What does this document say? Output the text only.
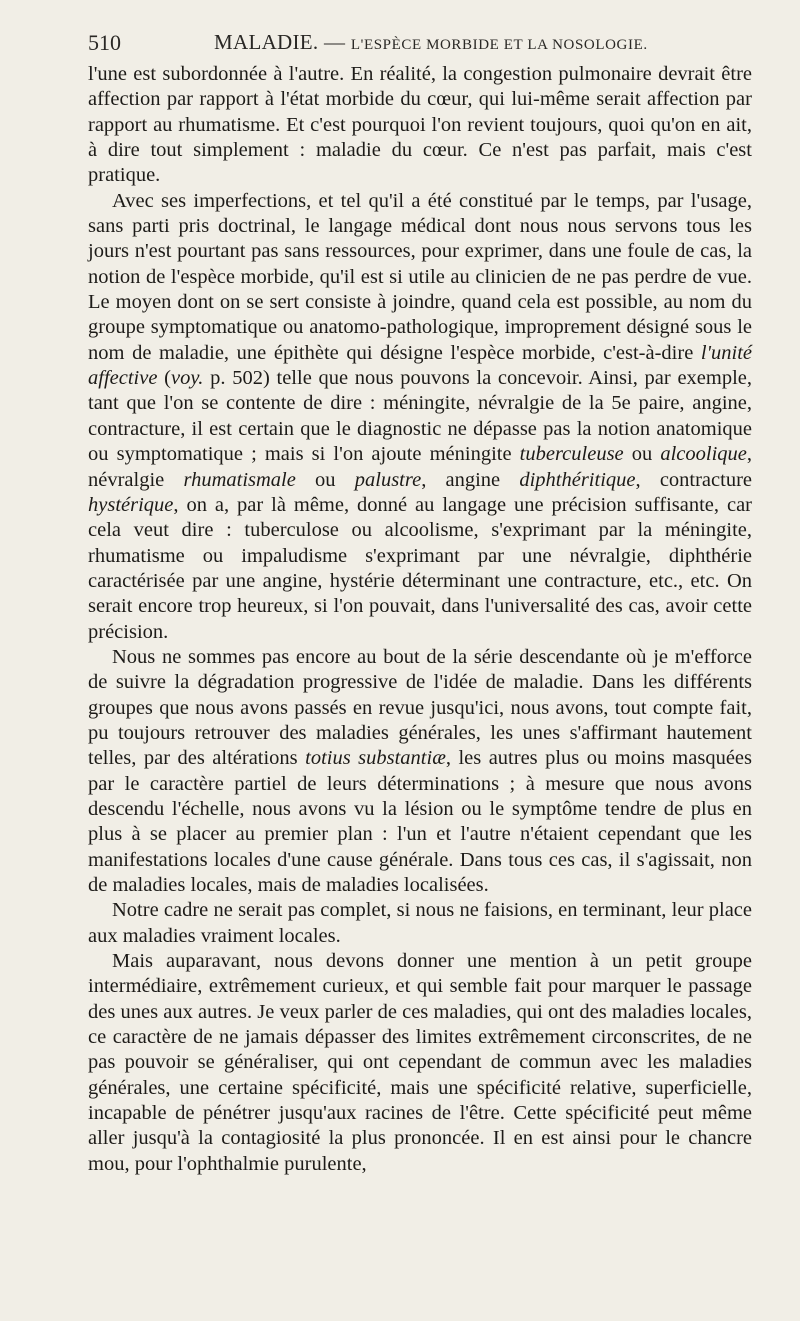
510	MALADIE. — L'ESPÈCE MORBIDE ET LA NOSOLOGIE.

l'une est subordonnée à l'autre. En réalité, la congestion pulmonaire devrait être affection par rapport à l'état morbide du cœur, qui lui-même serait affection par rapport au rhumatisme. Et c'est pourquoi l'on revient toujours, quoi qu'on en ait, à dire tout simplement : maladie du cœur. Ce n'est pas parfait, mais c'est pratique.

Avec ses imperfections, et tel qu'il a été constitué par le temps, par l'usage, sans parti pris doctrinal, le langage médical dont nous nous servons tous les jours n'est pourtant pas sans ressources, pour exprimer, dans une foule de cas, la notion de l'espèce morbide, qu'il est si utile au clinicien de ne pas perdre de vue. Le moyen dont on se sert consiste à joindre, quand cela est possible, au nom du groupe symptomatique ou anatomo-pathologique, improprement désigné sous le nom de maladie, une épithète qui désigne l'espèce morbide, c'est-à-dire l'unité affective (voy. p. 502) telle que nous pouvons la concevoir. Ainsi, par exemple, tant que l'on se contente de dire : méningite, névralgie de la 5e paire, angine, contracture, il est certain que le diagnostic ne dépasse pas la notion anatomique ou symptomatique ; mais si l'on ajoute méningite tuberculeuse ou alcoolique, névralgie rhumatismale ou palustre, angine diphthéritique, contracture hystérique, on a, par là même, donné au langage une précision suffisante, car cela veut dire : tuberculose ou alcoolisme, s'exprimant par la méningite, rhumatisme ou impaludisme s'exprimant par une névralgie, diphthérie caractérisée par une angine, hystérie déterminant une contracture, etc., etc. On serait encore trop heureux, si l'on pouvait, dans l'universalité des cas, avoir cette précision.

Nous ne sommes pas encore au bout de la série descendante où je m'efforce de suivre la dégradation progressive de l'idée de maladie. Dans les différents groupes que nous avons passés en revue jusqu'ici, nous avons, tout compte fait, pu toujours retrouver des maladies générales, les unes s'affirmant hautement telles, par des altérations totius substantiæ, les autres plus ou moins masquées par le caractère partiel de leurs déterminations ; à mesure que nous avons descendu l'échelle, nous avons vu la lésion ou le symptôme tendre de plus en plus à se placer au premier plan : l'un et l'autre n'étaient cependant que les manifestations locales d'une cause générale. Dans tous ces cas, il s'agissait, non de maladies locales, mais de maladies localisées.

Notre cadre ne serait pas complet, si nous ne faisions, en terminant, leur place aux maladies vraiment locales.

Mais auparavant, nous devons donner une mention à un petit groupe intermédiaire, extrêmement curieux, et qui semble fait pour marquer le passage des unes aux autres. Je veux parler de ces maladies, qui ont des maladies locales, ce caractère de ne jamais dépasser des limites extrêmement circonscrites, de ne pas pouvoir se généraliser, qui ont cependant de commun avec les maladies générales, une certaine spécificité, mais une spécificité relative, superficielle, incapable de pénétrer jusqu'aux racines de l'être. Cette spécificité peut même aller jusqu'à la contagiosité la plus prononcée. Il en est ainsi pour le chancre mou, pour l'ophthalmie purulente,
